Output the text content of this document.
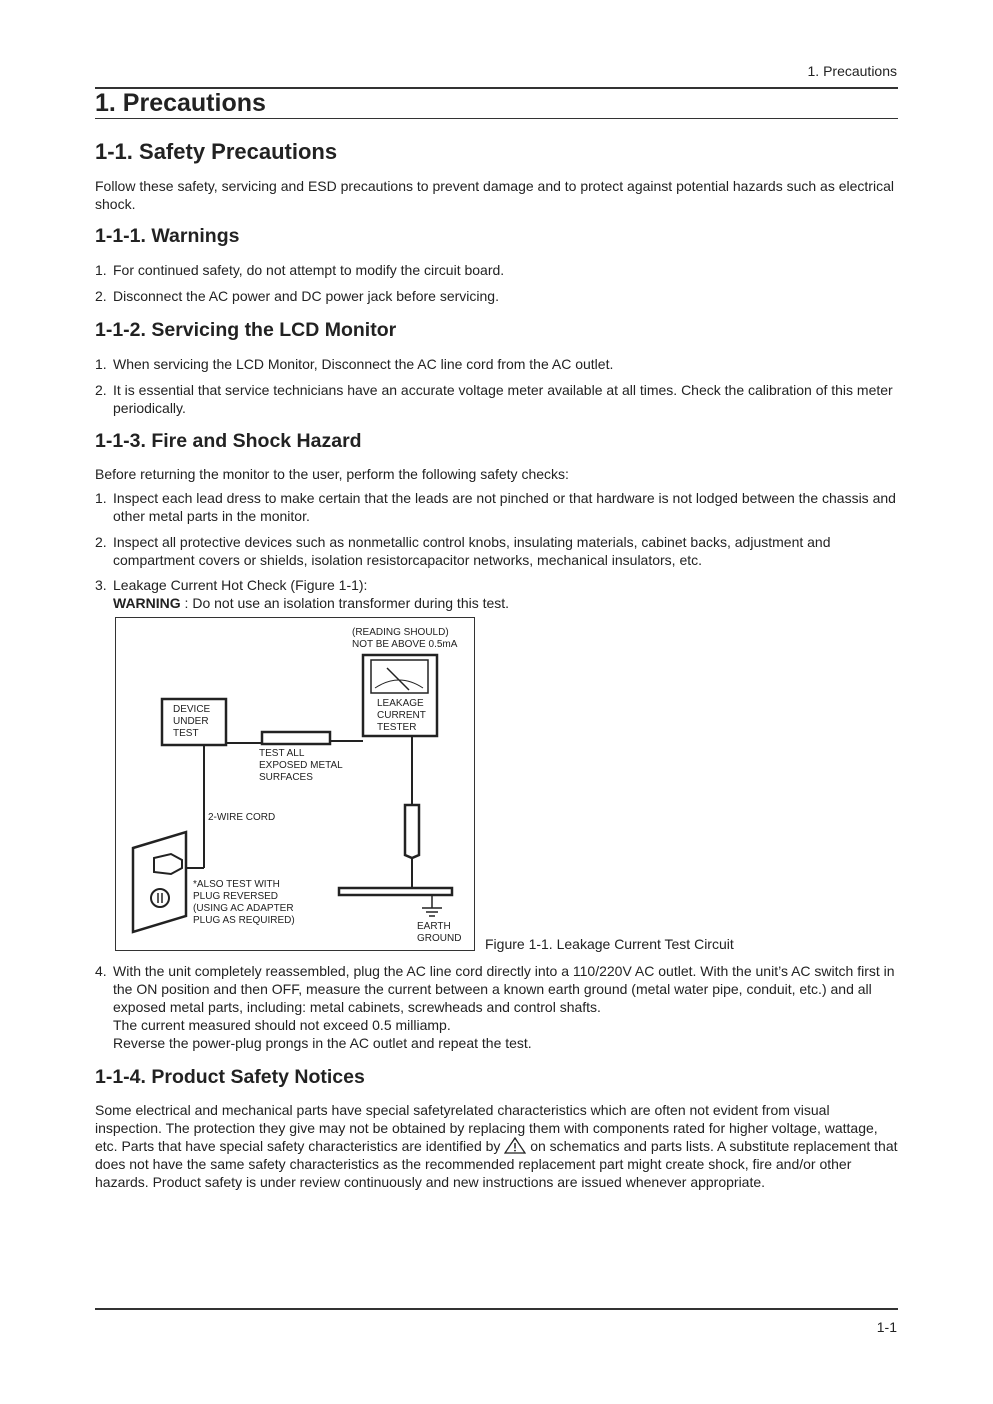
1. Precautions
1. Precautions
1-1. Safety Precautions
Follow these safety, servicing and ESD precautions to prevent damage and to protect against potential hazards such as electrical shock.
1-1-1. Warnings
1. For continued safety, do not attempt to modify the circuit board.
2. Disconnect the AC power and DC power jack before servicing.
1-1-2. Servicing the LCD Monitor
1. When servicing the LCD Monitor, Disconnect the AC line cord from the AC outlet.
2. It is essential that service technicians have an accurate voltage meter available at all times. Check the calibration of this meter periodically.
1-1-3. Fire and Shock Hazard
Before returning the monitor to the user, perform the following safety checks:
1. Inspect each lead dress to make certain that the leads are not pinched or that hardware is not lodged between the chassis and other metal parts in the monitor.
2. Inspect all protective devices such as nonmetallic control knobs, insulating materials, cabinet backs, adjustment and compartment covers or shields, isolation resistorcapacitor networks, mechanical insulators, etc.
3. Leakage Current Hot Check (Figure 1-1):
WARNING : Do not use an isolation transformer during this test.
(READING SHOULD)
NOT BE ABOVE 0.5mA
DEVICE
UNDER
TEST
LEAKAGE
CURRENT
TESTER
TEST ALL
EXPOSED METAL
SURFACES
2-WIRE CORD
*ALSO TEST WITH
PLUG REVERSED
(USING AC ADAPTER
PLUG AS REQUIRED)
EARTH
GROUND Figure 1-1. Leakage Current Test Circuit
4. With the unit completely reassembled, plug the AC line cord directly into a 110/220V AC outlet. With the unit’s AC switch first in the ON position and then OFF, measure the current between a known earth ground (metal water pipe, conduit, etc.) and all exposed metal parts, including: metal cabinets, screwheads and control shafts.
The current measured should not exceed 0.5 milliamp.
Reverse the power-plug prongs in the AC outlet and repeat the test.
1-1-4. Product Safety Notices
Some electrical and mechanical parts have special safetyrelated characteristics which are often not evident from visual inspection. The protection they give may not be obtained by replacing them with components rated for higher voltage, wattage, etc. Parts that have special safety characteristics are identified by  on schematics and parts lists. A substitute replacement that does not have the same safety characteristics as the recommended replacement part might create shock, fire and/or other hazards. Product safety is under review continuously and new instructions are issued whenever appropriate.
1-1
